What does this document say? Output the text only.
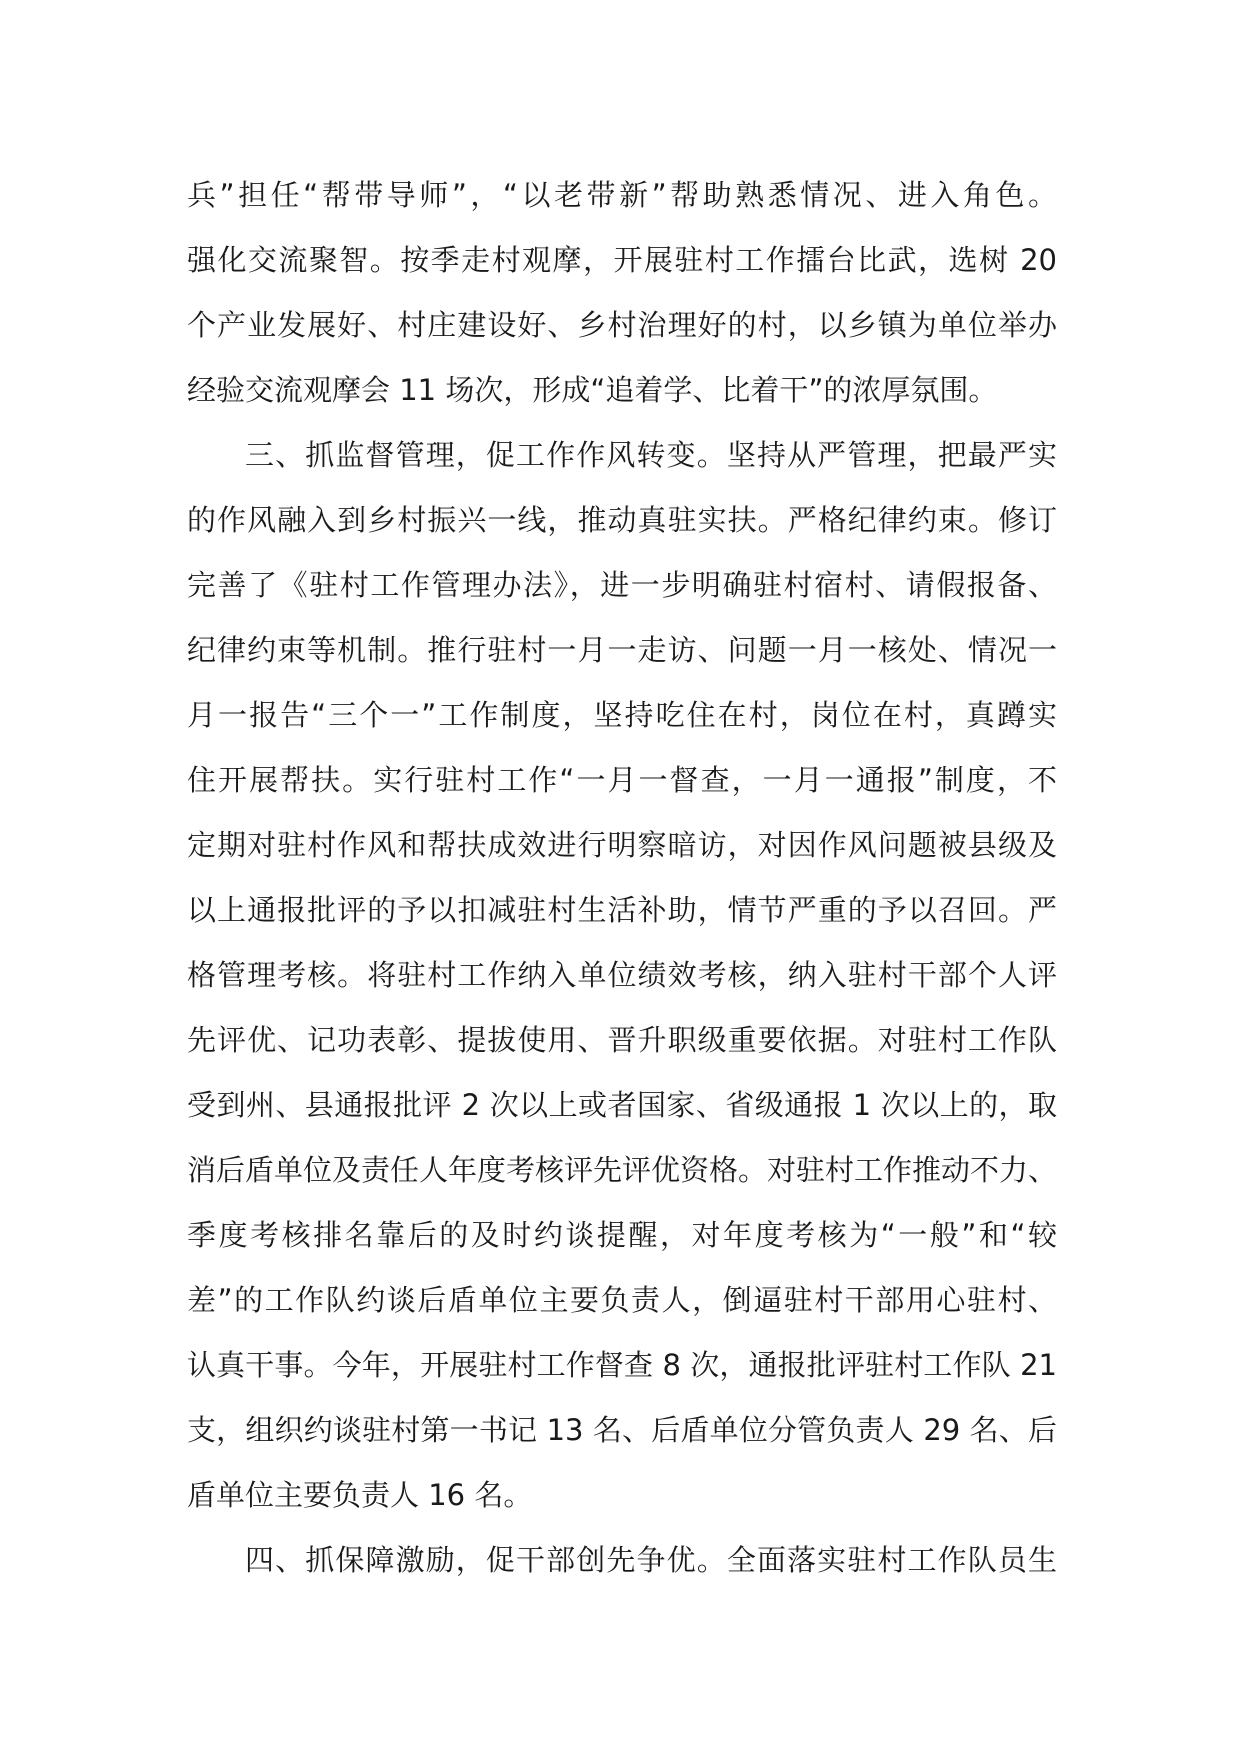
兵”担任“帮带导师”，“以老带新”帮助熟悉情况、进入角色。
强化交流聚智。按季走村观摩，开展驻村工作擂台比武，选树 20
个产业发展好、村庄建设好、乡村治理好的村，以乡镇为单位举办
经验交流观摩会 11 场次，形成“追着学、比着干”的浓厚氛围。
三、抓监督管理，促工作作风转变。坚持从严管理，把最严实
的作风融入到乡村振兴一线，推动真驻实扶。严格纪律约束。修订
完善了《驻村工作管理办法》，进一步明确驻村宿村、请假报备、
纪律约束等机制。推行驻村一月一走访、问题一月一核处、情况一
月一报告“三个一”工作制度，坚持吃住在村，岗位在村，真蹲实
住开展帮扶。实行驻村工作“一月一督查，一月一通报”制度，不
定期对驻村作风和帮扶成效进行明察暗访，对因作风问题被县级及
以上通报批评的予以扣减驻村生活补助，情节严重的予以召回。严
格管理考核。将驻村工作纳入单位绩效考核，纳入驻村干部个人评
先评优、记功表彰、提拔使用、晋升职级重要依据。对驻村工作队
受到州、县通报批评 2 次以上或者国家、省级通报 1 次以上的，取
消后盾单位及责任人年度考核评先评优资格。对驻村工作推动不力、
季度考核排名靠后的及时约谈提醒，对年度考核为“一般”和“较
差”的工作队约谈后盾单位主要负责人，倒逼驻村干部用心驻村、
认真干事。今年，开展驻村工作督查 8 次，通报批评驻村工作队 21
支，组织约谈驻村第一书记 13 名、后盾单位分管负责人 29 名、后
盾单位主要负责人 16 名。
四、抓保障激励，促干部创先争优。全面落实驻村工作队员生
